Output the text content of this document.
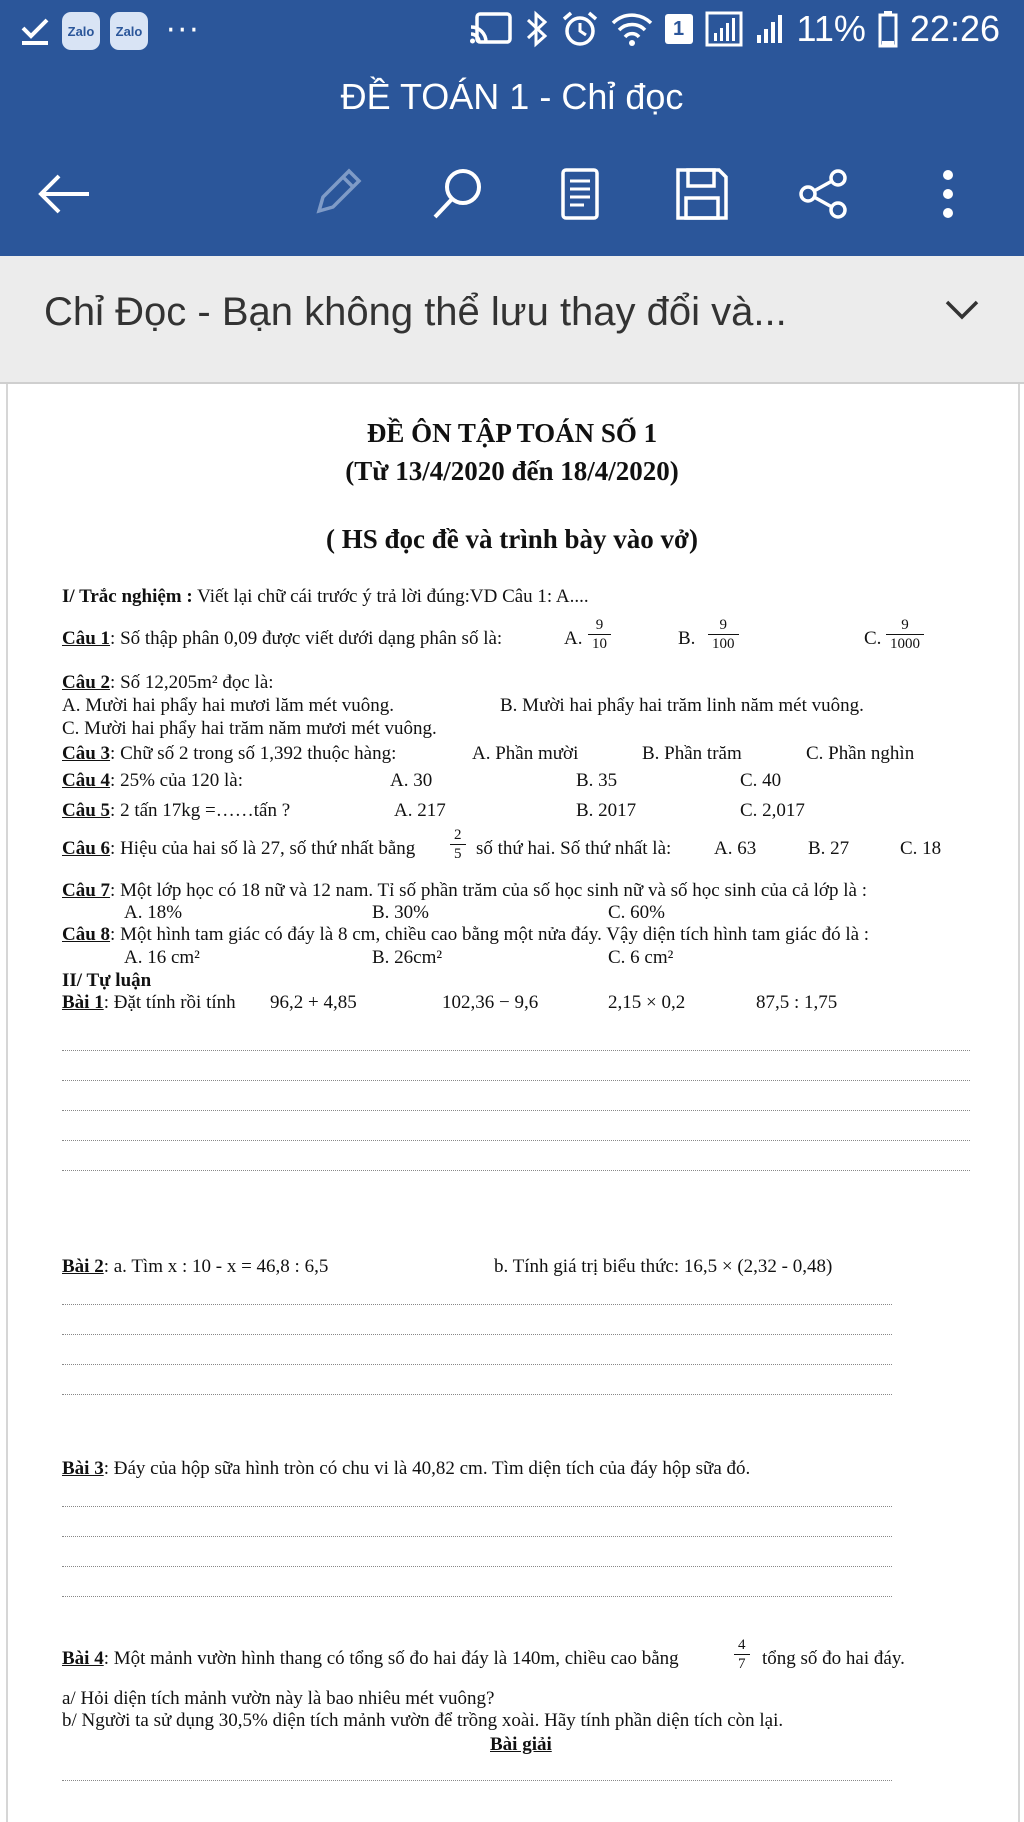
Zalo	Zalo ···	1	11% 22:26
ĐỀ TOÁN 1 - Chỉ đọc
Chỉ Đọc - Bạn không thể lưu thay đổi và...
ĐỀ ÔN TẬP TOÁN SỐ 1
(Từ 13/4/2020 đến 18/4/2020)
( HS đọc đề và trình bày vào vở)
I/ Trắc nghiệm : Viết lại chữ cái trước ý trả lời đúng:VD Câu 1: A....
Câu 1: Số thập phân 0,09 được viết dưới dạng phân số là:	A. $\frac{9}{10}$	B. $\frac{9}{100}$	C. $\frac{9}{1000}$
Câu 2: Số 12,205m² đọc là:
A. Mười hai phẩy hai mươi lăm mét vuông.	B. Mười hai phẩy hai trăm linh năm mét vuông.
C. Mười hai phẩy hai trăm năm mươi mét vuông.
Câu 3: Chữ số 2 trong số 1,392 thuộc hàng:	A. Phần mười	B. Phần trăm	C. Phần nghìn
Câu 4: 25% của 120 là:	A. 30	B. 35	C. 40
Câu 5: 2 tấn 17kg =……tấn ?	A. 217	B. 2017	C. 2,017
Câu 6: Hiệu của hai số là 27, số thứ nhất bằng $\frac{2}{5}$ số thứ hai. Số thứ nhất là: A. 63	B. 27	C. 18
Câu 7: Một lớp học có 18 nữ và 12 nam. Tỉ số phần trăm của số học sinh nữ và số học sinh của cả lớp là :
A. 18%	B. 30%	C. 60%
Câu 8: Một hình tam giác có đáy là 8 cm, chiều cao bằng một nửa đáy. Vậy diện tích hình tam giác đó là :
A. 16 cm²	B. 26cm²	C. 6 cm²
II/ Tự luận
Bài 1: Đặt tính rồi tính 96,2 + 4,85	102,36 − 9,6	2,15 × 0,2	87,5 : 1,75
Bài 2: a. Tìm x : 10 - x = 46,8 : 6,5	b. Tính giá trị biểu thức: 16,5 × (2,32 - 0,48)
Bài 3: Đáy của hộp sữa hình tròn có chu vi là 40,82 cm. Tìm diện tích của đáy hộp sữa đó.
Bài 4: Một mảnh vườn hình thang có tổng số đo hai đáy là 140m, chiều cao bằng	$\frac{4}{7}$ tổng số đo hai đáy.
a/ Hỏi diện tích mảnh vườn này là bao nhiêu mét vuông?
b/ Người ta sử dụng 30,5% diện tích mảnh vườn để trồng xoài. Hãy tính phần diện tích còn lại.
Bài giải
